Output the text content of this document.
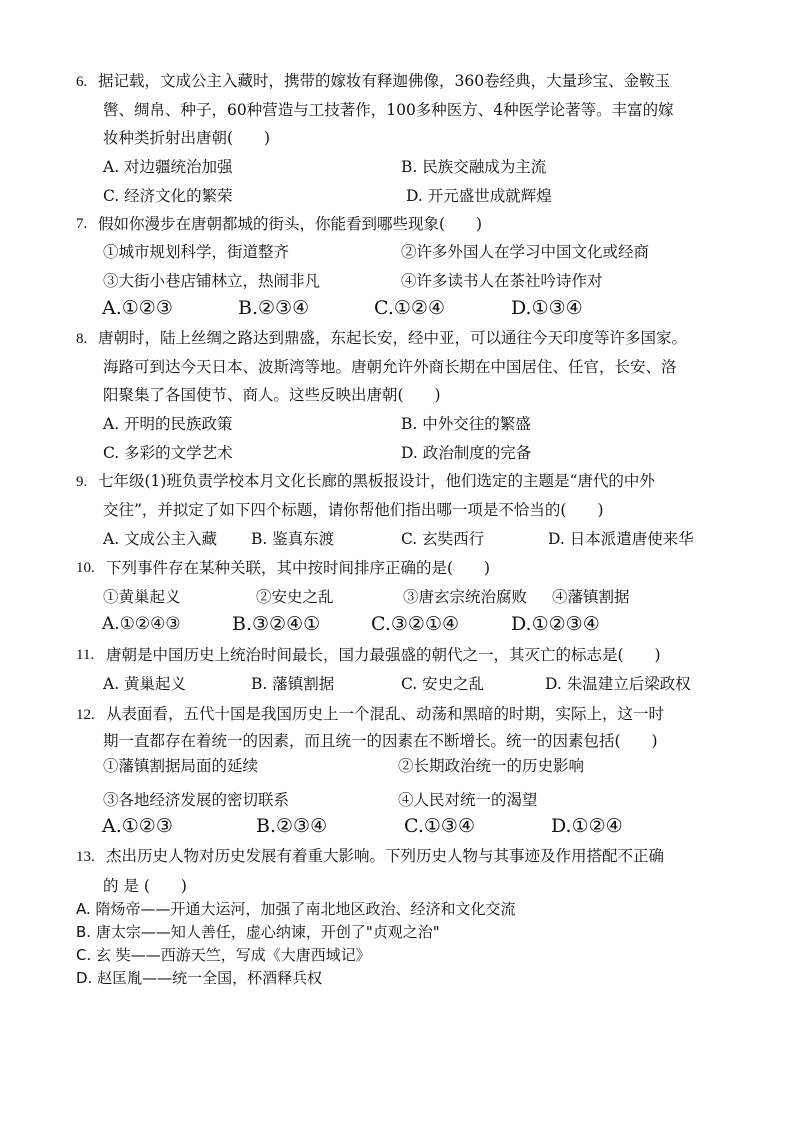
6. 据记载，文成公主入藏时，携带的嫁妆有释迦佛像，360卷经典，大量珍宝、金鞍玉
辔、绸帛、种子，60种营造与工技著作，100多种医方、4种医学论著等。丰富的嫁
妆种类折射出唐朝(　　)
A. 对边疆统治加强	B. 民族交融成为主流
C. 经济文化的繁荣	D. 开元盛世成就辉煌
7. 假如你漫步在唐朝都城的街头，你能看到哪些现象(　　)
①城市规划科学，街道整齐	②许多外国人在学习中国文化或经商
③大街小巷店铺林立，热闹非凡	④许多读书人在茶社吟诗作对
A.①②③	B.②③④	C.①②④	D.①③④
8. 唐朝时，陆上丝绸之路达到鼎盛，东起长安，经中亚，可以通往今天印度等许多国家。
海路可到达今天日本、波斯湾等地。唐朝允许外商长期在中国居住、任官，长安、洛
阳聚集了各国使节、商人。这些反映出唐朝(　　)
A. 开明的民族政策	B. 中外交往的繁盛
C. 多彩的文学艺术	D. 政治制度的完备
9. 七年级(1)班负责学校本月文化长廊的黑板报设计，他们选定的主题是“唐代的中外
交往”，并拟定了如下四个标题，请你帮他们指出哪一项是不恰当的(　　)
A. 文成公主入藏 B. 鉴真东渡	C. 玄奘西行	D. 日本派遣唐使来华
10. 下列事件存在某种关联，其中按时间排序正确的是(　　)
①黄巢起义	②安史之乱	③唐玄宗统治腐败 ④藩镇割据
A.①②④③	B.③②④①	C.③②①④	D.①②③④
11. 唐朝是中国历史上统治时间最长，国力最强盛的朝代之一，其灭亡的标志是(　　)
A. 黄巢起义	B. 藩镇割据	C. 安史之乱	D. 朱温建立后梁政权
12. 从表面看，五代十国是我国历史上一个混乱、动荡和黑暗的时期，实际上，这一时
期一直都存在着统一的因素，而且统一的因素在不断增长。统一的因素包括(　　)
①藩镇割据局面的延续	②长期政治统一的历史影响
③各地经济发展的密切联系	④人民对统一的渴望
A.①②③	B.②③④	C.①③④	D.①②④
13. 杰出历史人物对历史发展有着重大影响。下列历史人物与其事迹及作用搭配不正确
的 是 (　　)
A. 隋炀帝——开通大运河，加强了南北地区政治、经济和文化交流
B. 唐太宗——知人善任，虚心纳谏，开创了"贞观之治"
C. 玄 奘——西游天竺，写成《大唐西域记》
D. 赵匡胤——统一全国，杯酒释兵权
